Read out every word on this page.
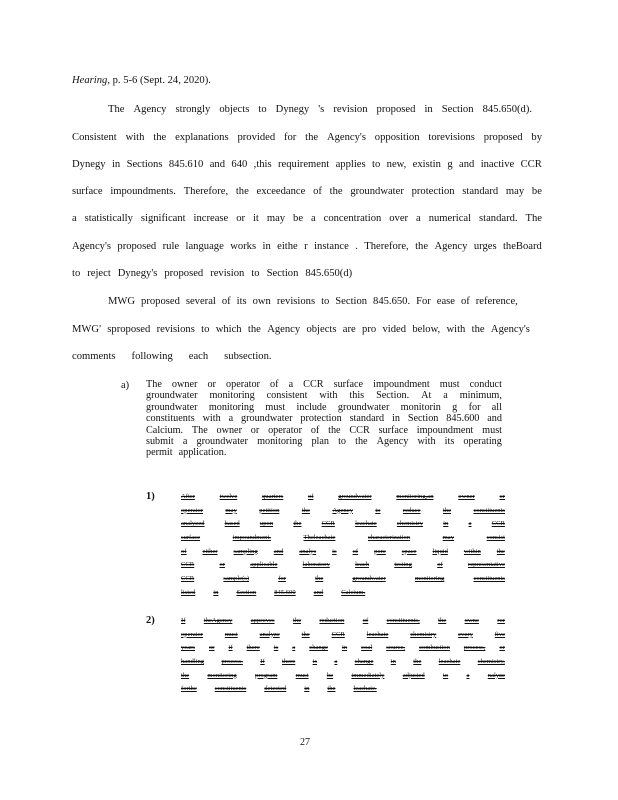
Hearing, p. 5-6 (Sept. 24, 2020).
The Agency strongly objects to Dynegy 's revision proposed in Section 845.650(d).
Consistent with the explanations provided for the Agency's opposition torevisions proposed by
Dynegy in Sections 845.610 and 640 ,this requirement applies to new, existin g and inactive CCR
surface impoundments. Therefore, the exceedance of the groundwater protection standard may be
a statistically significant increase or it may be a concentration over a numerical standard. The
Agency's proposed rule language works in eithe r instance . Therefore, the Agency urges theBoard
to reject Dynegy's proposed revision to Section 845.650(d)
MWG proposed several of its own revisions to Section 845.650. For ease of reference,
MWG' sproposed revisions to which the Agency objects are pro vided below, with the Agency's
comments following each subsection.
a) The owner or operator of a CCR surface impoundment must conduct
groundwater monitoring consistent with this Section. At a minimum,
groundwater monitoring must include groundwater monitorin g for all
constituents with a groundwater protection standard in Section 845.600 and
Calcium. The owner or operator of the CCR surface impoundment must
submit a groundwater monitoring plan to the Agency with its operating
permit application.
1)	After	twelve	quarters	of	groundwater	monitoring,an	owner	or
operator	may	petition	the	Agency	to	reduce	the	constituents
analyzed	based	upon	the	CCR	leachate	chemistry	in	a	CCR
surface	impoundment.	Theleachate	characterization	may	consist
of either sampling and analys is of pore space liquid within the
CCR	or	applicable	laboratory	leach	testing	of	representative
CCR	sample(s)	for	the	groundwater	monitoring	constituents
listed	in	Section	845.600	and	Calcium.
2)	If	theAgency	approves	the	reduction	of	constituents,	the	owne	ror
operator	must	analyze	the	CCR	leachate	chemistry	every	five
years or if there is a change in coal source, combustion process, or
handling	process.	If	there	is	a	change	in	the	leachate	chemistry,
the	monitoring	program	must	be	immediately	adjusted	to	a	nalyze
forthe	constituents	detected	in	the	leachate.
27
